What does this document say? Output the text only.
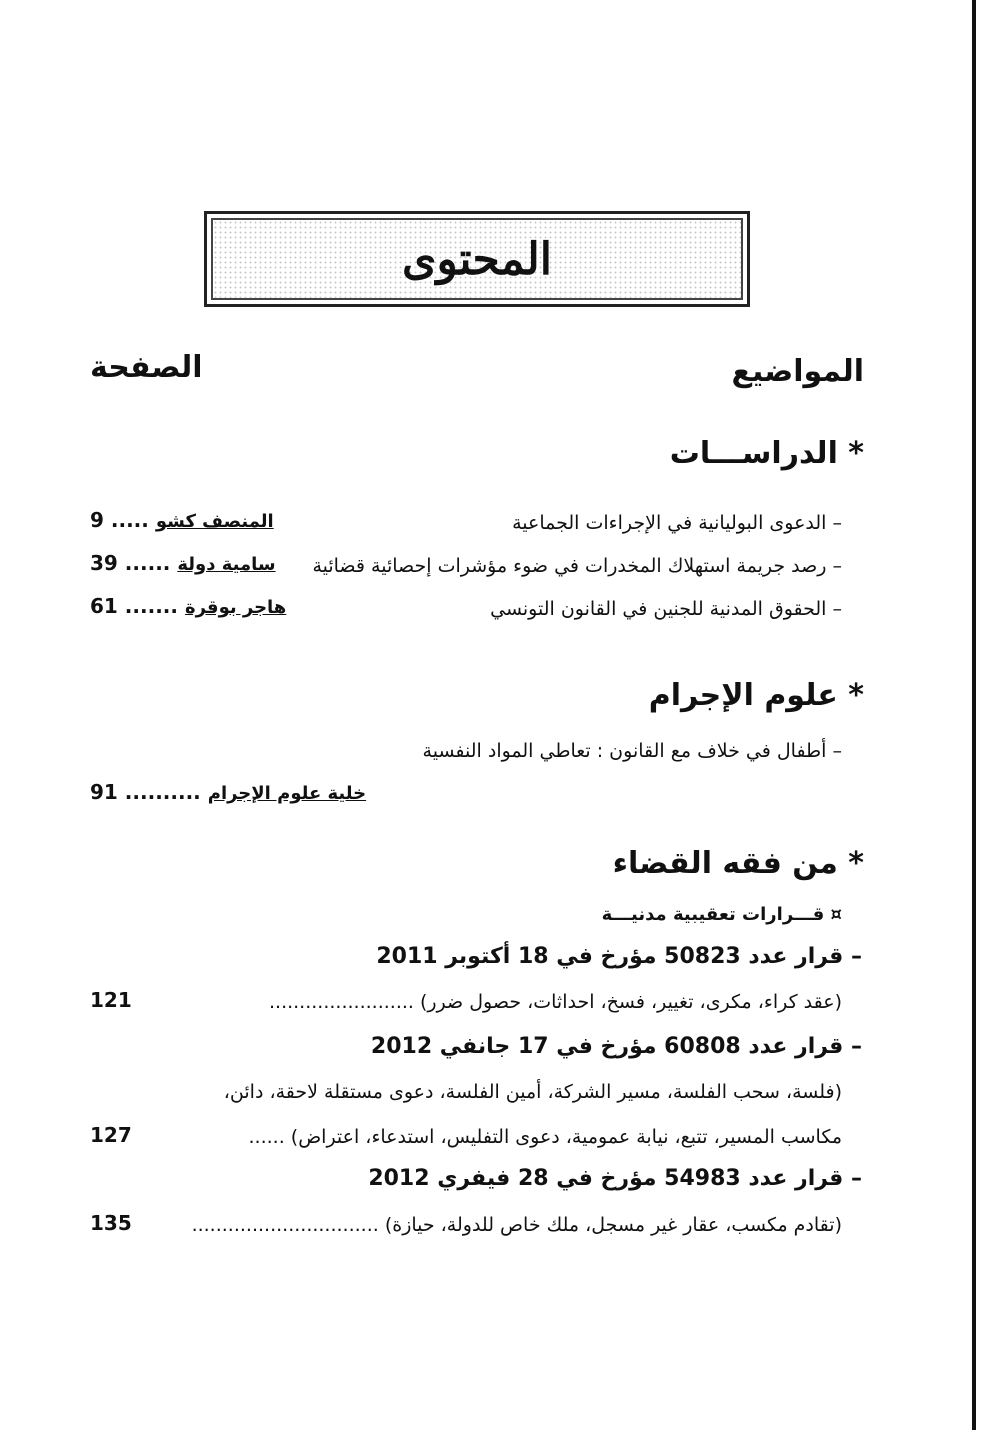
المحتوى
المواضيع
الصفحة
* الدراســـات
– الدعوى البوليانية في الإجراءات الجماعية
9 ..... المنصف كشو
– رصد جريمة استهلاك المخدرات في ضوء مؤشرات إحصائية قضائية
39 ...... سامية دولة
– الحقوق المدنية للجنين في القانون التونسي
61 ....... هاجر بوقرة
* علوم الإجرام
– أطفال في خلاف مع القانون : تعاطي المواد النفسية
91 .......... خلية علوم الإجرام
* من فقه القضاء
¤ قـــرارات تعقيبية مدنيـــة
– قرار عدد 50823 مؤرخ في 18 أكتوبر 2011
(عقد كراء، مكرى، تغيير، فسخ، احداثات، حصول ضرر) ........................
121
– قرار عدد 60808 مؤرخ في 17 جانفي 2012
(فلسة، سحب الفلسة، مسير الشركة، أمين الفلسة، دعوى مستقلة لاحقة، دائن،
مكاسب المسير، تتبع، نيابة عمومية، دعوى التفليس، استدعاء، اعتراض) ......
127
– قرار عدد 54983 مؤرخ في 28 فيفري 2012
(تقادم مكسب، عقار غير مسجل، ملك خاص للدولة، حيازة) ...............................
135
